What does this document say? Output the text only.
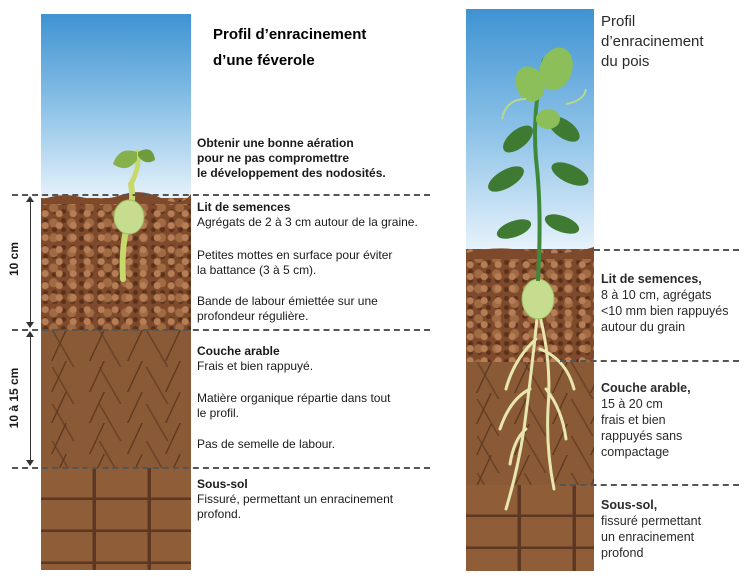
10 cm
10 à 15 cm
Profil d’enracinement
d’une féverole
Obtenir une bonne aération
pour ne pas compromettre
le développement des nodosités.
Lit de semences
Agrégats de 2 à 3 cm autour de la graine.
Petites mottes en surface pour éviter
la battance (3 à 5 cm).
Bande de labour émiettée sur une
profondeur régulière.
Couche arable
Frais et bien rappuyé.
Matière organique répartie dans tout
le profil.
Pas de semelle de labour.
Sous-sol
Fissuré, permettant un enracinement
profond.
Profil
d’enracinement
du pois
Lit de semences,
8 à 10 cm, agrégats
<10 mm bien rappuyés
autour du grain
Couche arable,
15 à 20 cm
frais et bien
rappuyés sans
compactage
Sous-sol,
fissuré permettant
un enracinement
profond
